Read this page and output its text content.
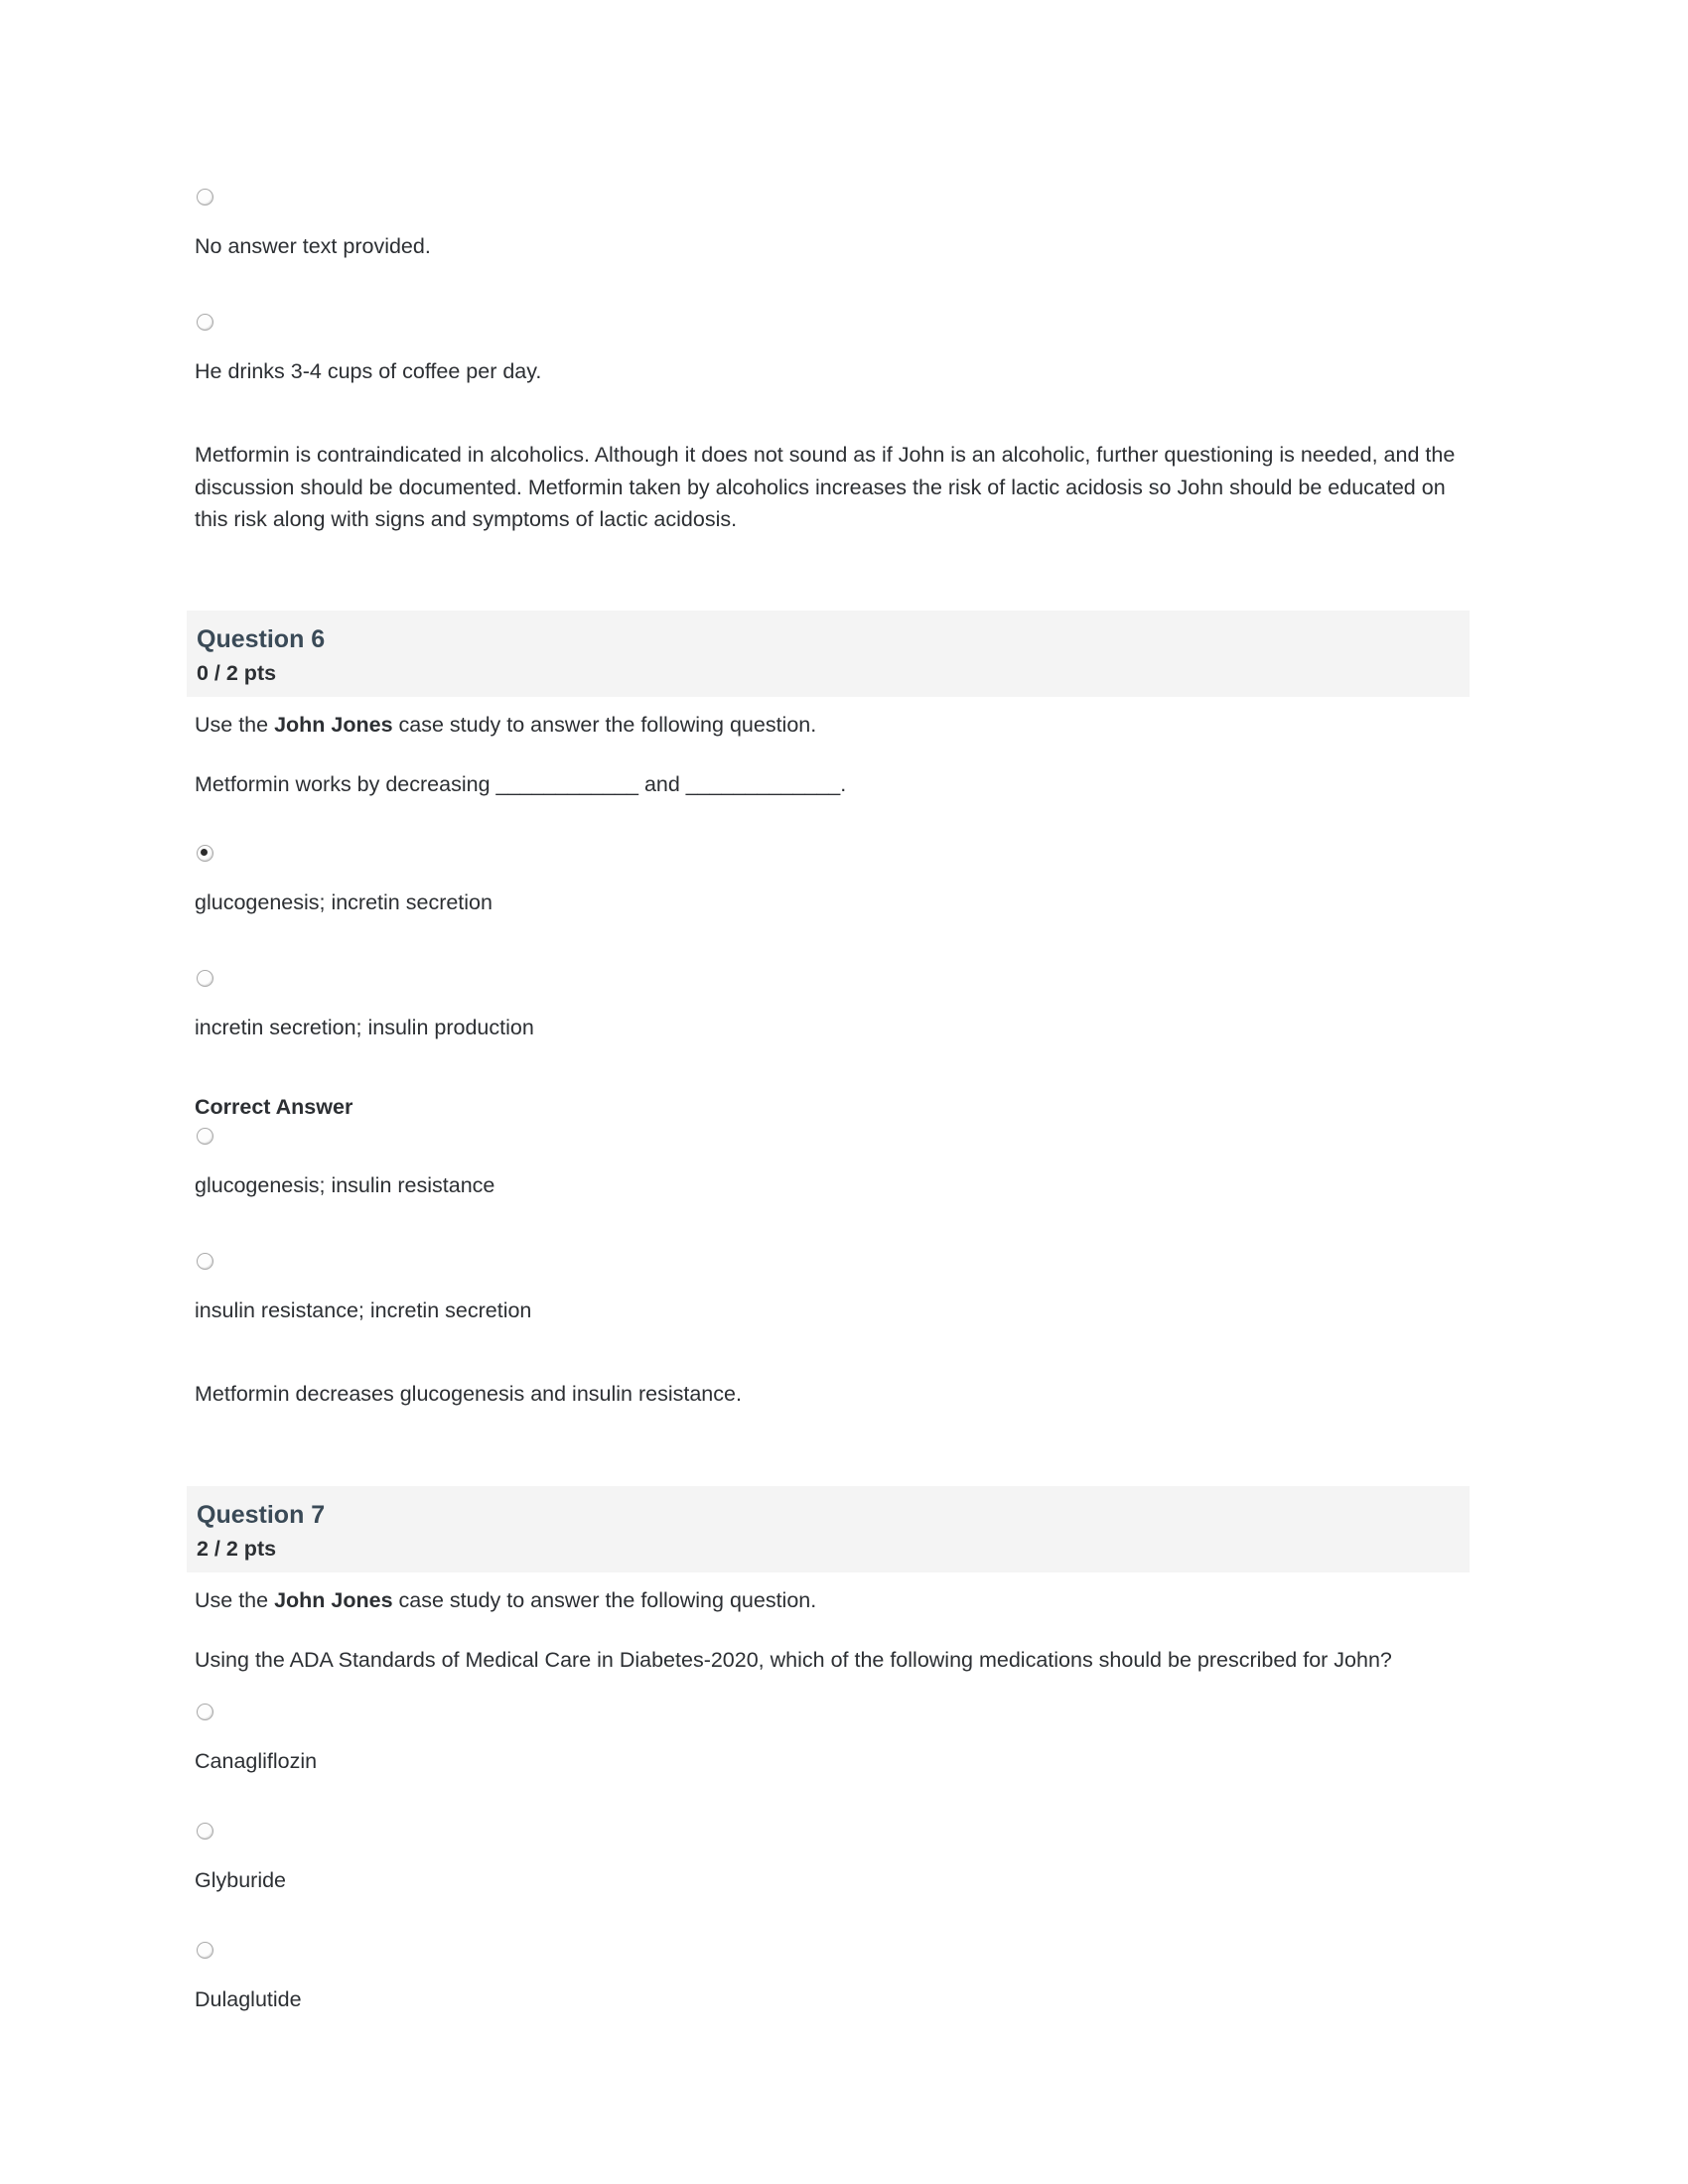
No answer text provided.
He drinks 3-4 cups of coffee per day.

Metformin is contraindicated in alcoholics. Although it does not sound as if John is an alcoholic, further questioning is needed, and the discussion should be documented. Metformin taken by alcoholics increases the risk of lactic acidosis so John should be educated on this risk along with signs and symptoms of lactic acidosis.

Question 6
0 / 2 pts

Use the John Jones case study to answer the following question.

Metformin works by decreasing ____________ and _____________.

glucogenesis; incretin secretion
incretin secretion; insulin production
Correct Answer
glucogenesis; insulin resistance
insulin resistance; incretin secretion

Metformin decreases glucogenesis and insulin resistance.

Question 7
2 / 2 pts

Use the John Jones case study to answer the following question.

Using the ADA Standards of Medical Care in Diabetes-2020, which of the following medications should be prescribed for John?

Canagliflozin
Glyburide
Dulaglutide
